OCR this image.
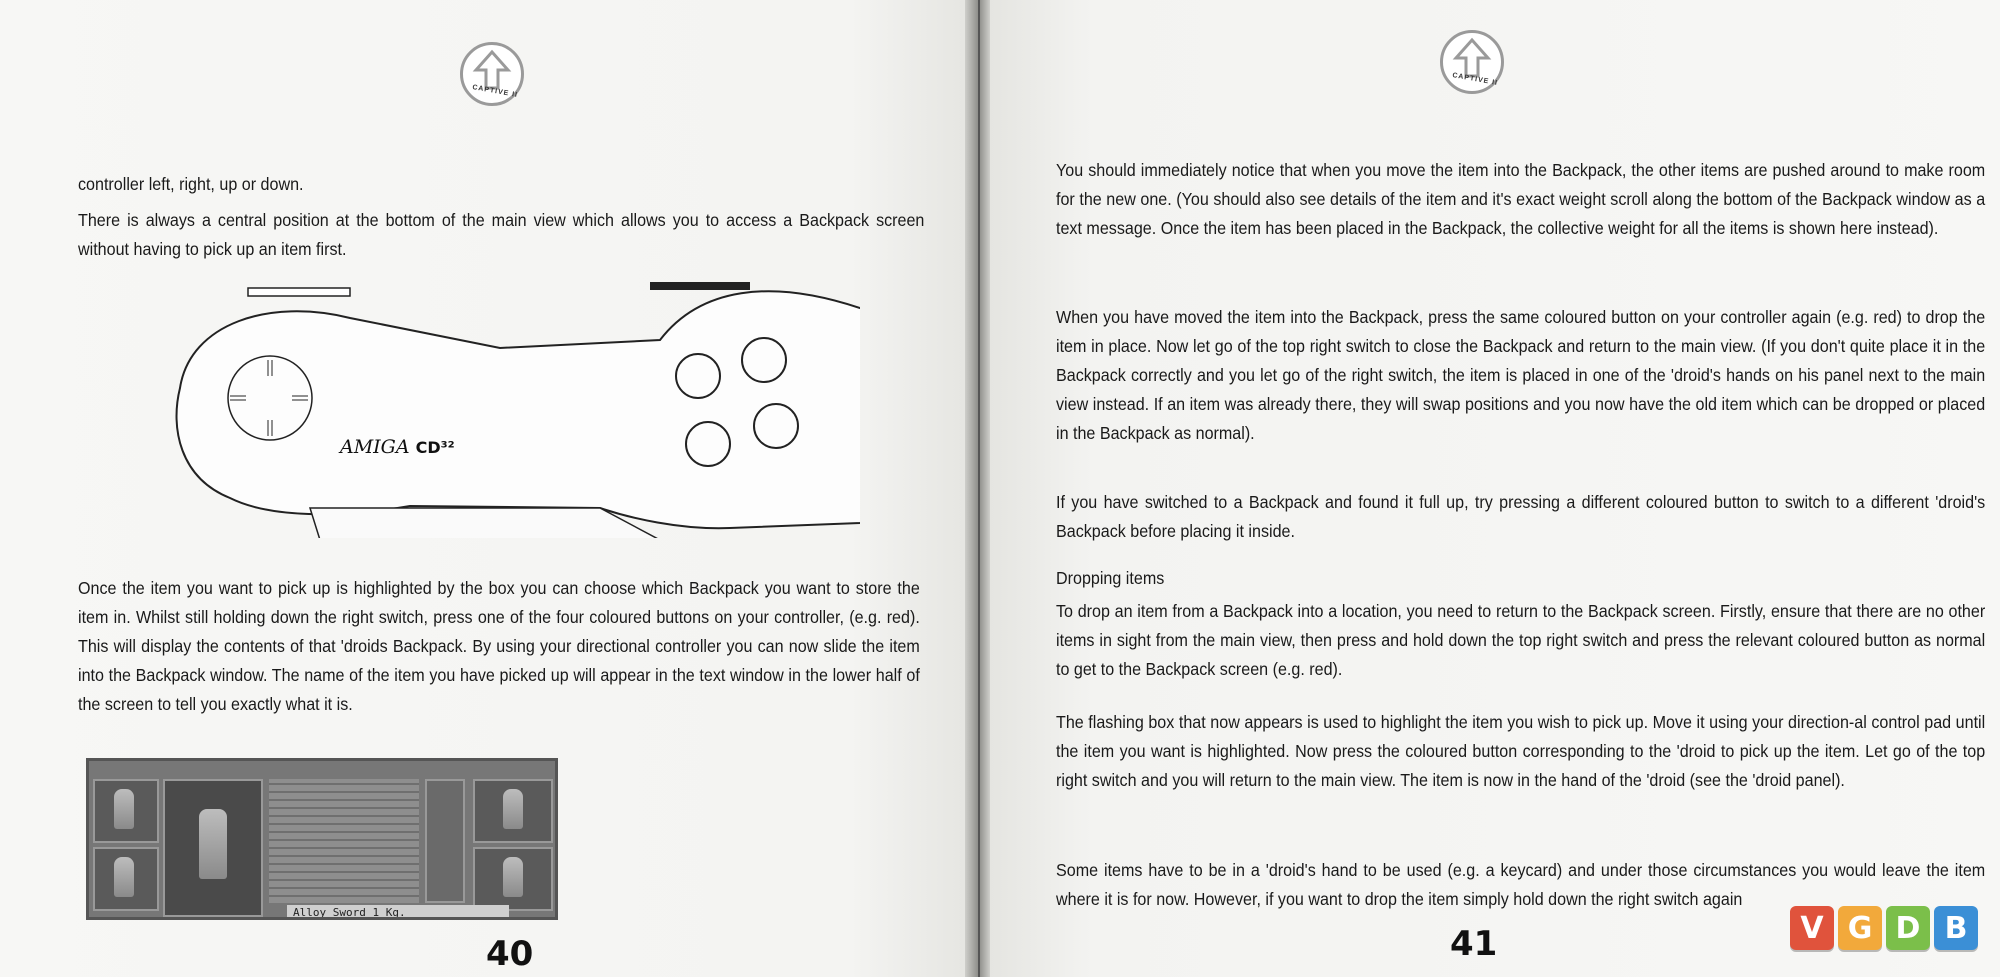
CAPTIVE II

controller left, right, up or down.

There is always a central position at the bottom of the main view which allows you to access a Backpack screen without having to pick up an item first.

AMIGA CD³²

Once the item you want to pick up is highlighted by the box you can choose which Backpack you want to store the item in. Whilst still holding down the right switch, press one of the four coloured buttons on your controller, (e.g. red). This will display the contents of that 'droids Backpack. By using your directional controller you can now slide the item into the Backpack window. The name of the item you have picked up will appear in the text window in the lower half of the screen to tell you exactly what it is.

Alloy Sword 1 Kg.
40
CAPTIVE II

You should immediately notice that when you move the item into the Backpack, the other items are pushed around to make room for the new one. (You should also see details of the item and it's exact weight scroll along the bottom of the Backpack window as a text message. Once the item has been placed in the Backpack, the collective weight for all the items is shown here instead).

When you have moved the item into the Backpack, press the same coloured button on your controller again (e.g. red) to drop the item in place. Now let go of the top right switch to close the Backpack and return to the main view. (If you don't quite place it in the Backpack correctly and you let go of the right switch, the item is placed in one of the 'droid's hands on his panel next to the main view instead. If an item was already there, they will swap positions and you now have the old item which can be dropped or placed in the Backpack as normal).

If you have switched to a Backpack and found it full up, try pressing a different coloured button to switch to a different 'droid's Backpack before placing it inside.

Dropping items

To drop an item from a Backpack into a location, you need to return to the Backpack screen. Firstly, ensure that there are no other items in sight from the main view, then press and hold down the top right switch and press the relevant coloured button as normal to get to the Backpack screen (e.g. red).

The flashing box that now appears is used to highlight the item you wish to pick up. Move it using your direction-al control pad until the item you want is highlighted. Now press the coloured button corresponding to the 'droid to pick up the item. Let go of the top right switch and you will return to the main view. The item is now in the hand of the 'droid (see the 'droid panel).

Some items have to be in a 'droid's hand to be used (e.g. a keycard) and under those circumstances you would leave the item where it is for now. However, if you want to drop the item simply hold down the right switch again

41	V G D B
